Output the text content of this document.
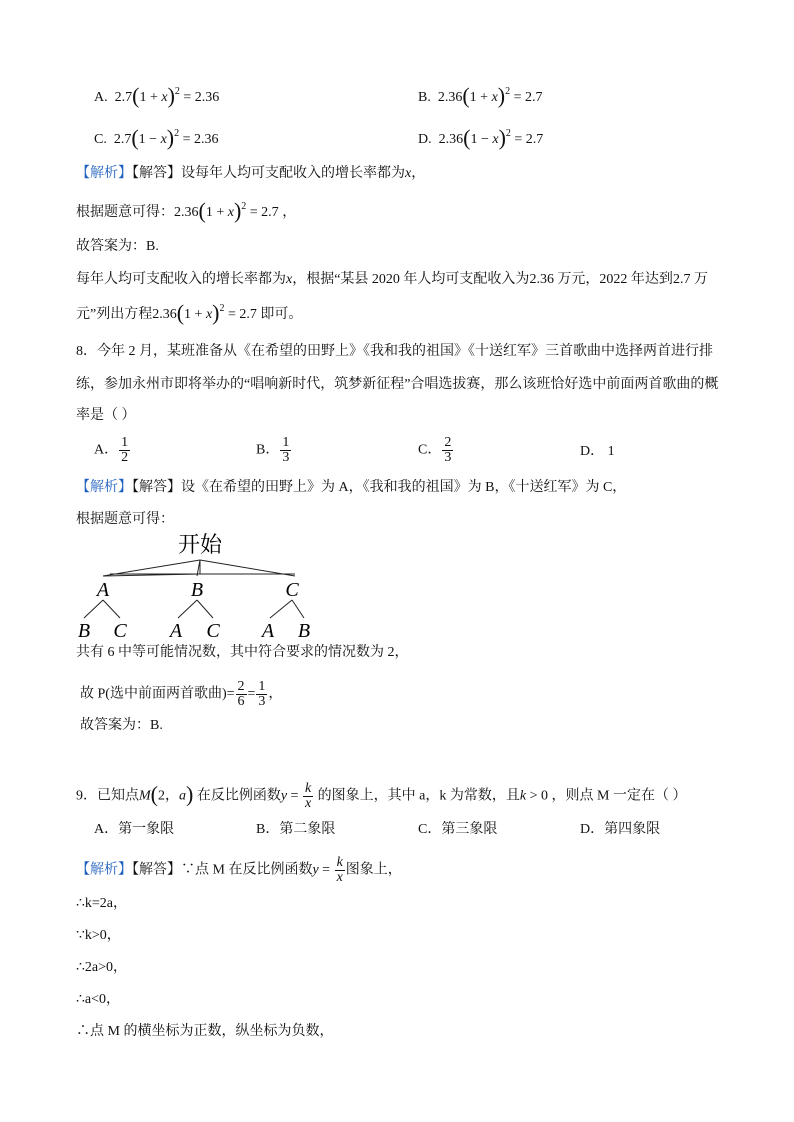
A. $2.7(1 + x)^2 = 2.36$	B. $2.36(1 + x)^2 = 2.7$
C. $2.7(1 - x)^2 = 2.36$	D. $2.36(1 - x)^2 = 2.7$
【解析】【解答】设每年人均可支配收入的增长率都为x，
根据题意可得：$2.36(1 + x)^2 = 2.7$ ，
故答案为：B.
每年人均可支配收入的增长率都为x，根据“某县 2020 年人均可支配收入为2.36 万元，2022 年达到2.7 万
元”列出方程$2.36(1 + x)^2 = 2.7$ 即可。
8．今年 2 月，某班准备从《在希望的田野上》《我和我的祖国》《十送红军》三首歌曲中选择两首进行排
练，参加永州市即将举办的“唱响新时代，筑梦新征程”合唱选拔赛，那么该班恰好选中前面两首歌曲的概
率是（ ）
A． $\frac{1}{2}$	B． $\frac{1}{3}$	C． $\frac{2}{3}$	D． 1
【解析】【解答】设《在希望的田野上》为 A，《我和我的祖国》为 B，《十送红军》为 C，
根据题意可得：
开始
A	B	C
B C A C A B
共有 6 中等可能情况数，其中符合要求的情况数为 2，
故 P(选中前面两首歌曲)= $\frac{2}{6} = \frac{1}{3}$ ，
故答案为：B.
9．已知点M(2，a) 在反比例函数$y = \frac{k}{x}$ 的图象上，其中 a，k 为常数，且k > 0 ，则点 M 一定在（ ）
A．第一象限	B．第二象限	C．第三象限	D．第四象限
【解析】【解答】∵点 M 在反比例函数$y = \frac{k}{x}$ 图象上，
∴k=2a，
∵k>0，
∴2a>0，
∴a<0，
∴点 M 的横坐标为正数，纵坐标为负数，
